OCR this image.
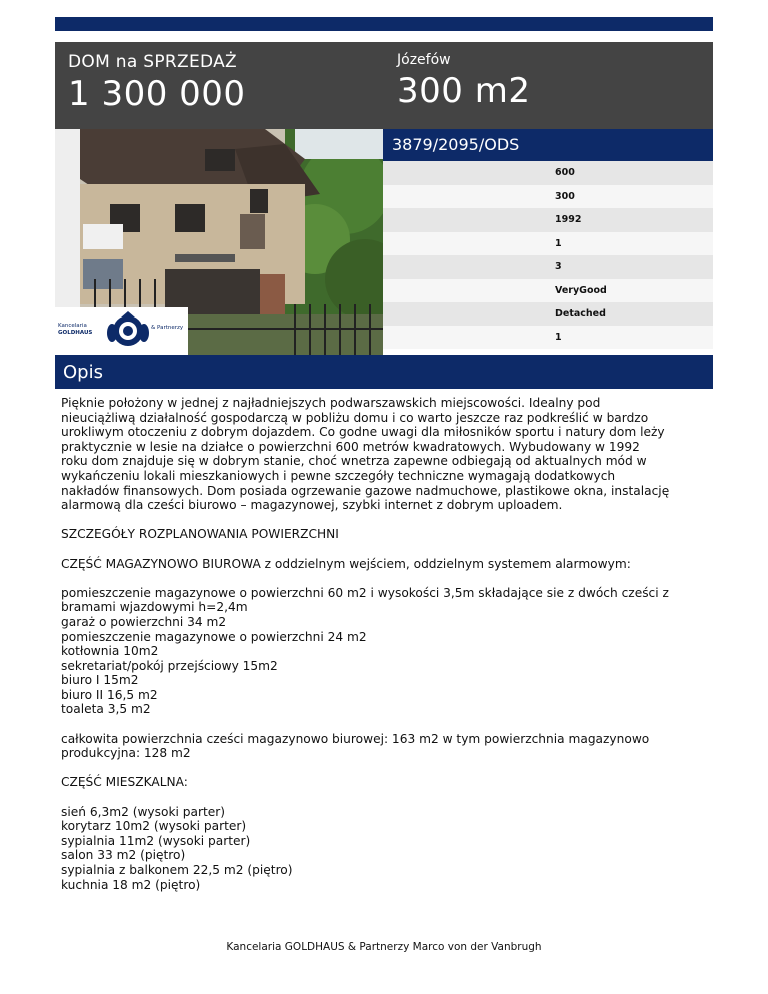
DOM na SPRZEDAŻ
1 300 000
Józefów
300 m2
Kancelaria
GOLDHAUS
& Partnerzy
3879/2095/ODS
600
300
1992
1
3
VeryGood
Detached
1
Opis

Pięknie położony w jednej z najładniejszych podwarszawskich miejscowości. Idealny pod
nieuciążliwą działalność gospodarczą w pobliżu domu i co warto jeszcze raz podkreślić w bardzo
urokliwym otoczeniu z dobrym dojazdem. Co godne uwagi dla miłosników sportu i natury dom leży
praktycznie w lesie na działce o powierzchni 600 metrów kwadratowych. Wybudowany w 1992
roku dom znajduje się w dobrym stanie, choć wnetrza zapewne odbiegają od aktualnych mód w
wykańczeniu lokali mieszkaniowych i pewne szczegóły techniczne wymagają dodatkowych
nakładów finansowych. Dom posiada ogrzewanie gazowe nadmuchowe, plastikowe okna, instalację
alarmową dla cześci biurowo – magazynowej, szybki internet z dobrym uploadem.

SZCZEGÓŁY ROZPLANOWANIA POWIERZCHNI

CZĘŚĆ MAGAZYNOWO BIUROWA z oddzielnym wejściem, oddzielnym systemem alarmowym:

pomieszczenie magazynowe o powierzchni 60 m2 i wysokości 3,5m składające sie z dwóch cześci z
bramami wjazdowymi h=2,4m
garaż o powierzchni 34 m2
pomieszczenie magazynowe o powierzchni 24 m2
kotłownia 10m2
sekretariat/pokój przejściowy 15m2
biuro I 15m2
biuro II 16,5 m2
toaleta 3,5 m2

całkowita powierzchnia cześci magazynowo biurowej: 163 m2 w tym powierzchnia magazynowo
produkcyjna: 128 m2

CZĘŚĆ MIESZKALNA:

sień 6,3m2 (wysoki parter)
korytarz 10m2 (wysoki parter)
sypialnia 11m2 (wysoki parter)
salon 33 m2 (piętro)
sypialnia z balkonem 22,5 m2 (piętro)
kuchnia 18 m2 (piętro)

Kancelaria GOLDHAUS & Partnerzy Marco von der Vanbrugh
